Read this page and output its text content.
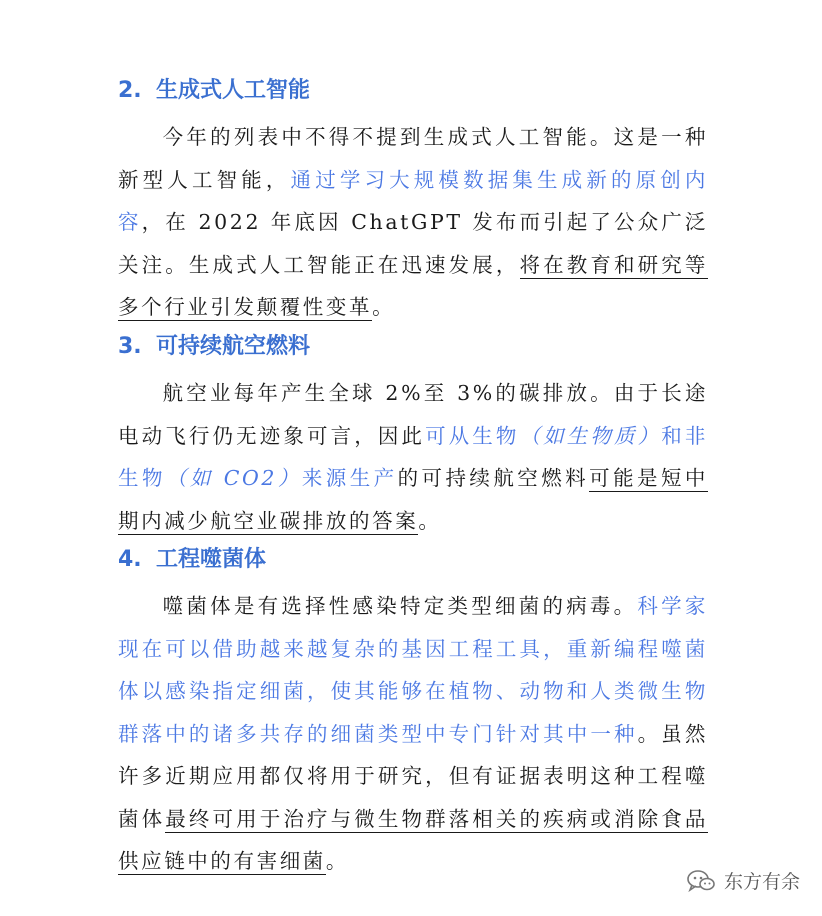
2. 生成式人工智能
今年的列表中不得不提到生成式人工智能。这是一种新型人工智能，通过学习大规模数据集生成新的原创内容，在 2022 年底因 ChatGPT 发布而引起了公众广泛关注。生成式人工智能正在迅速发展，将在教育和研究等多个行业引发颠覆性变革。
3. 可持续航空燃料
航空业每年产生全球 2%至 3%的碳排放。由于长途电动飞行仍无迹象可言，因此可从生物（如生物质）和非生物（如 CO2）来源生产的可持续航空燃料可能是短中期内减少航空业碳排放的答案。
4. 工程噬菌体
噬菌体是有选择性感染特定类型细菌的病毒。科学家现在可以借助越来越复杂的基因工程工具，重新编程噬菌体以感染指定细菌，使其能够在植物、动物和人类微生物群落中的诸多共存的细菌类型中专门针对其中一种。虽然许多近期应用都仅将用于研究，但有证据表明这种工程噬菌体最终可用于治疗与微生物群落相关的疾病或消除食品供应链中的有害细菌。
东方有余
